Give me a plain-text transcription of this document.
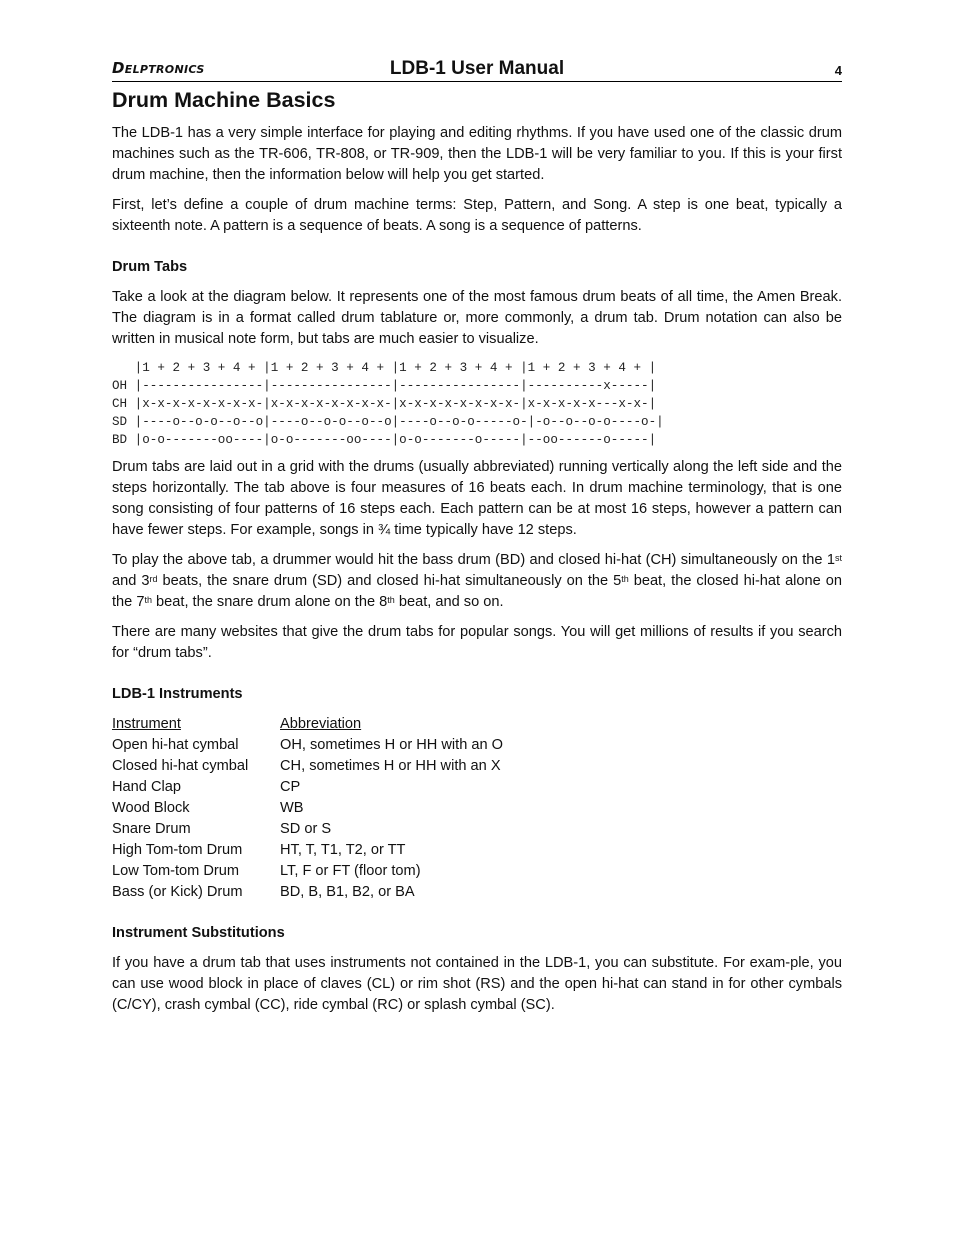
Delptronics	LDB-1 User Manual	4
Drum Machine Basics

The LDB-1 has a very simple interface for playing and editing rhythms. If you have used one of the classic drum machines such as the TR-606, TR-808, or TR-909, then the LDB-1 will be very familiar to you. If this is your first drum machine, then the information below will help you get started.

First, let’s define a couple of drum machine terms: Step, Pattern, and Song. A step is one beat, typically a sixteenth note. A pattern is a sequence of beats. A song is a sequence of patterns.

Drum Tabs

Take a look at the diagram below. It represents one of the most famous drum beats of all time, the Amen Break. The diagram is in a format called drum tablature or, more commonly, a drum tab. Drum notation can also be written in musical note form, but tabs are much easier to visualize.

|1 + 2 + 3 + 4 + |1 + 2 + 3 + 4 + |1 + 2 + 3 + 4 + |1 + 2 + 3 + 4 + |
OH |----------------|----------------|----------------|----------x-----|
CH |x-x-x-x-x-x-x-x-|x-x-x-x-x-x-x-x-|x-x-x-x-x-x-x-x-|x-x-x-x-x---x-x-|
SD |----o--o-o--o--o|----o--o-o--o--o|----o--o-o-----o-|-o--o--o-o----o-|
BD |o-o-------oo----|o-o-------oo----|o-o-------o-----|--oo------o-----|

Drum tabs are laid out in a grid with the drums (usually abbreviated) running vertically along the left side and the steps horizontally. The tab above is four measures of 16 beats each. In drum machine terminology, that is one song consisting of four patterns of 16 steps each. Each pattern can be at most 16 steps, however a pattern can have fewer steps. For example, songs in ¾ time typically have 12 steps.

To play the above tab, a drummer would hit the bass drum (BD) and closed hi-hat (CH) simultaneously on the 1st and 3rd beats, the snare drum (SD) and closed hi-hat simultaneously on the 5th beat, the closed hi-hat alone on the 7th beat, the snare drum alone on the 8th beat, and so on.

There are many websites that give the drum tabs for popular songs. You will get millions of results if you search for “drum tabs”.

LDB-1 Instruments
Instrument	Abbreviation
Open hi-hat cymbal	OH, sometimes H or HH with an O
Closed hi-hat cymbal	CH, sometimes H or HH with an X
Hand Clap	CP
Wood Block	WB
Snare Drum	SD or S
High Tom-tom Drum	HT, T, T1, T2, or TT
Low Tom-tom Drum	LT, F or FT (floor tom)
Bass (or Kick) Drum	BD, B, B1, B2, or BA
Instrument Substitutions

If you have a drum tab that uses instruments not contained in the LDB-1, you can substitute. For exam-ple, you can use wood block in place of claves (CL) or rim shot (RS) and the open hi-hat can stand in for other cymbals (C/CY), crash cymbal (CC), ride cymbal (RC) or splash cymbal (SC).
